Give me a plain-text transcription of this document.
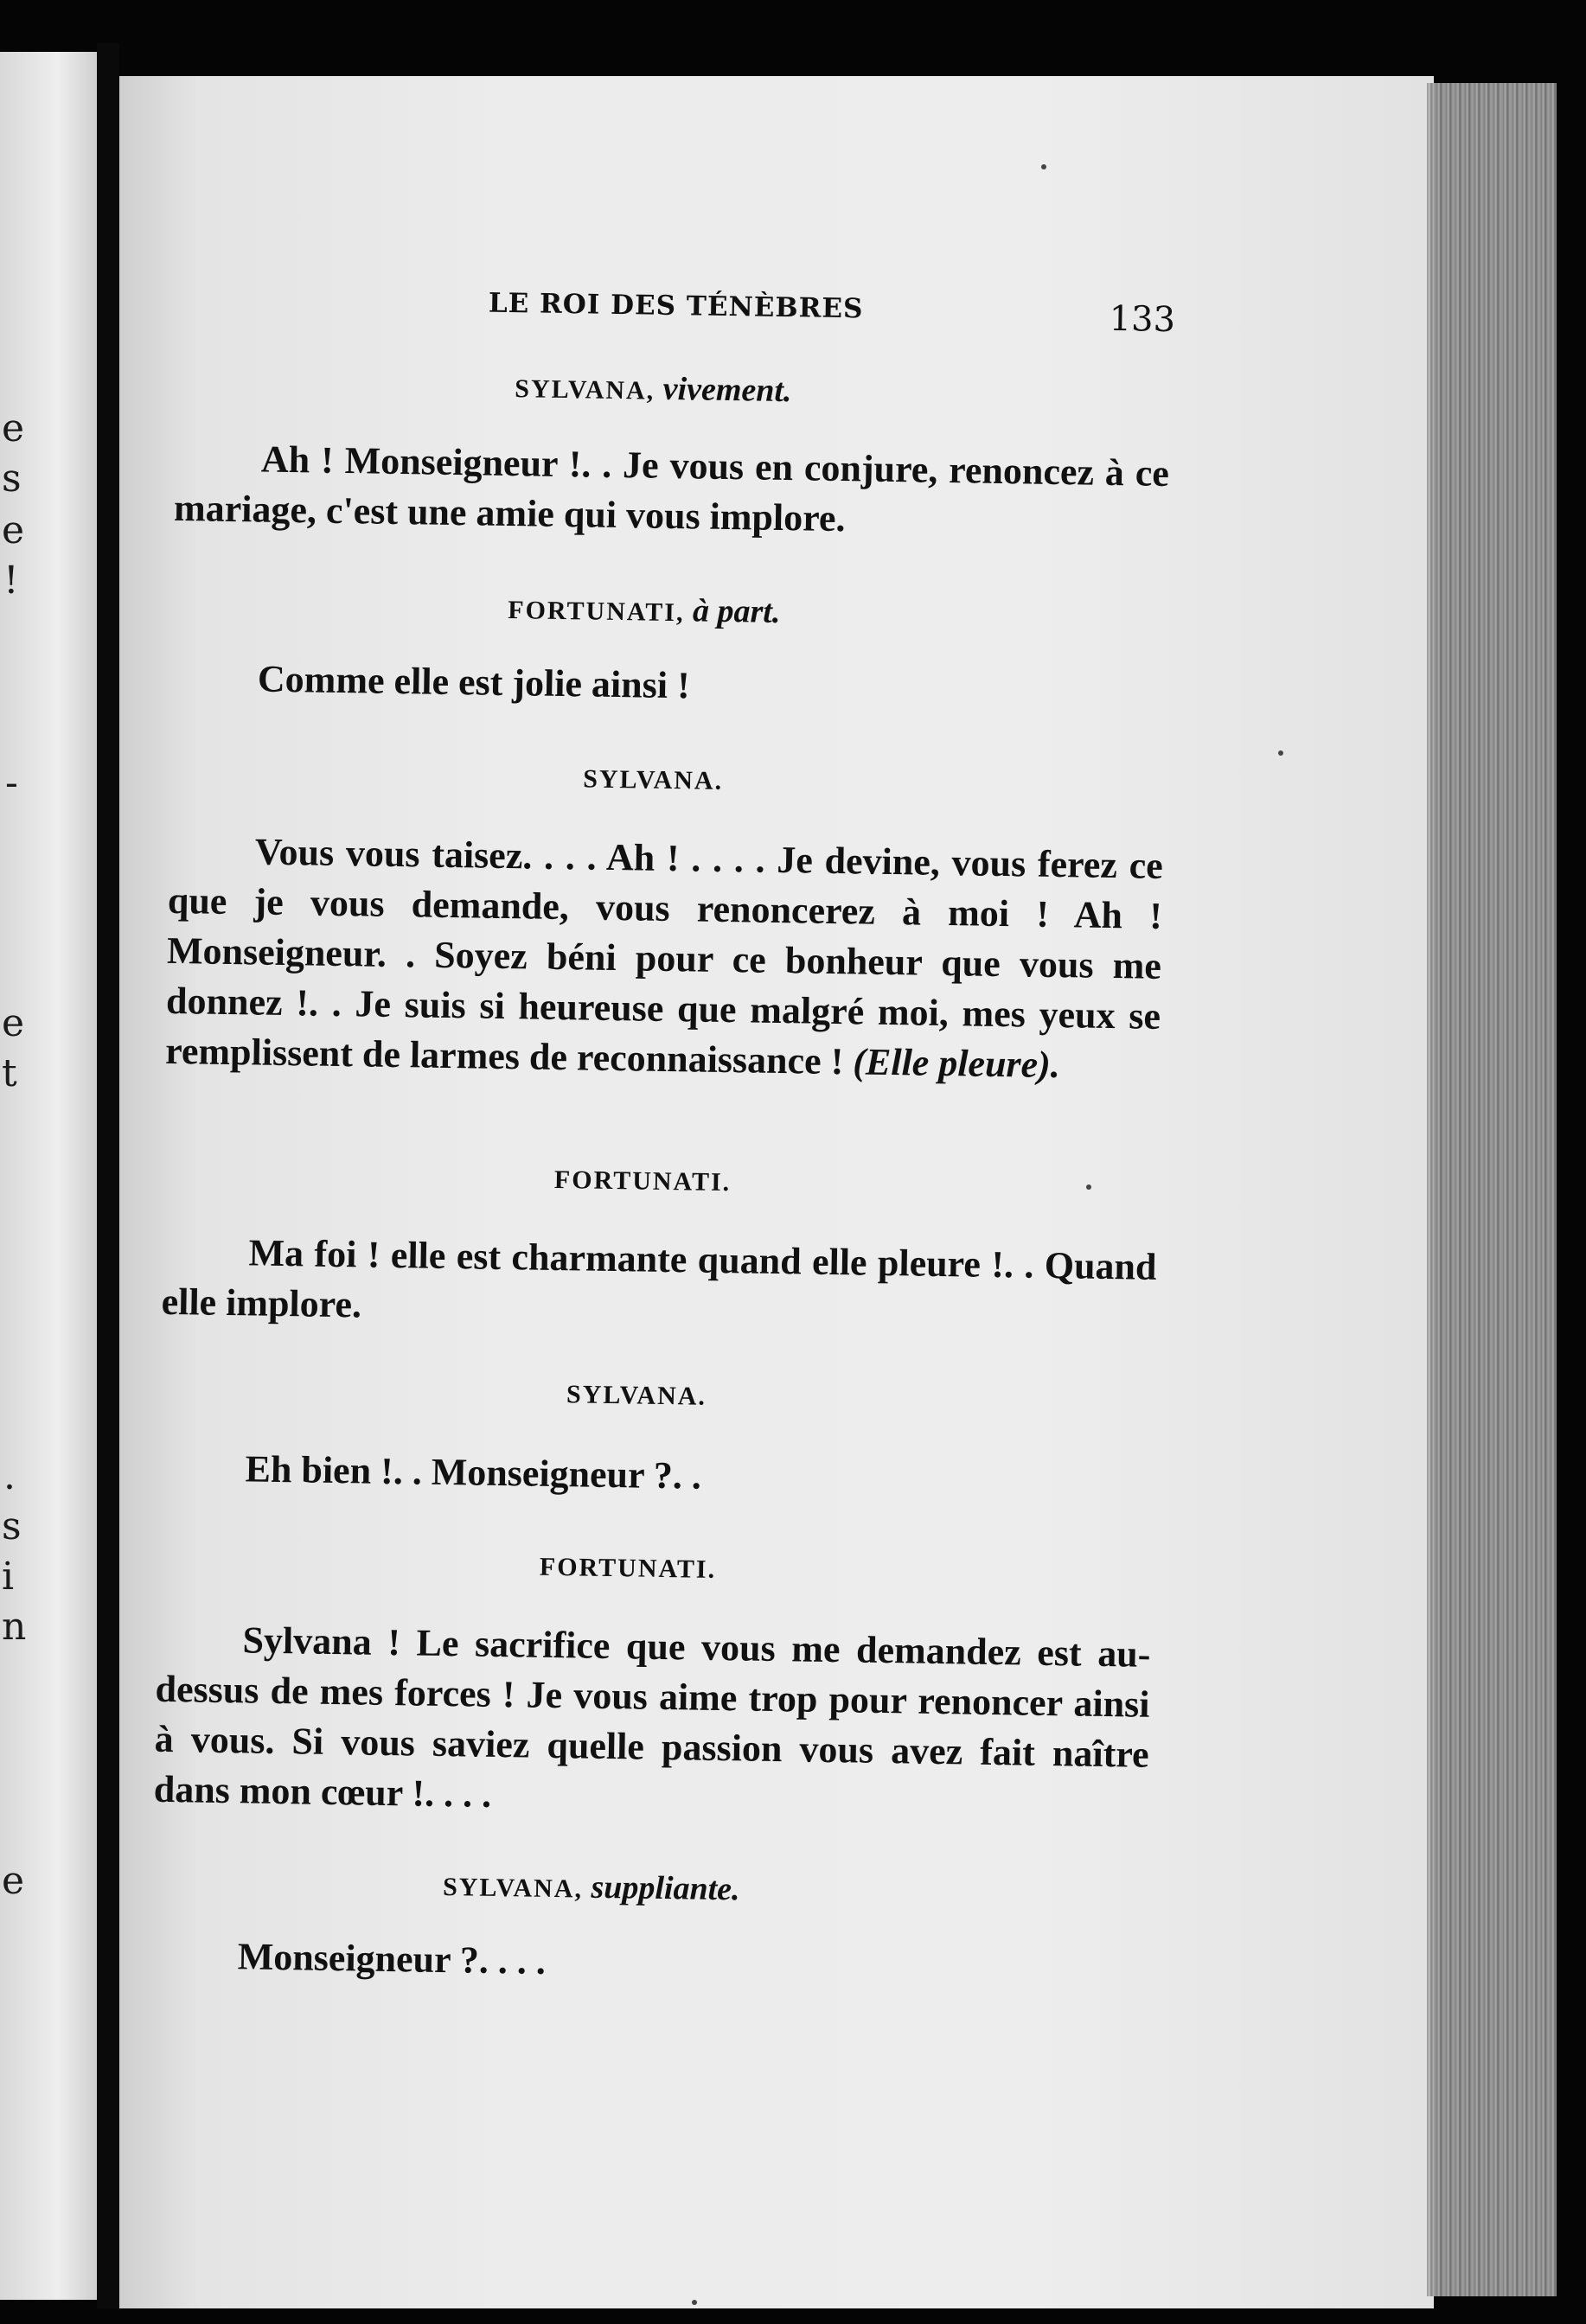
e
s
e
!
-
e
t
.
s
i
n
e
LE ROI DES TÉNÈBRES	133
SYLVANA, vivement.
Ah ! Monseigneur !. . Je vous en conjure, renoncez à ce mariage, c'est une amie qui vous implore.
FORTUNATI, à part.
Comme elle est jolie ainsi !
SYLVANA.
Vous vous taisez. . . . Ah ! . . . . Je devine, vous ferez ce que je vous demande, vous renoncerez à moi ! Ah ! Monseigneur. . Soyez béni pour ce bonheur que vous me donnez !. . Je suis si heureuse que malgré moi, mes yeux se remplissent de larmes de reconnaissance ! (Elle pleure).
FORTUNATI.
Ma foi ! elle est charmante quand elle pleure !. . Quand elle implore.
SYLVANA.
Eh bien !. . Monseigneur ?. .
FORTUNATI.
Sylvana ! Le sacrifice que vous me demandez est au-dessus de mes forces ! Je vous aime trop pour renoncer ainsi à vous. Si vous saviez quelle passion vous avez fait naître dans mon cœur !. . . .
SYLVANA, suppliante.
Monseigneur ?. . . .
